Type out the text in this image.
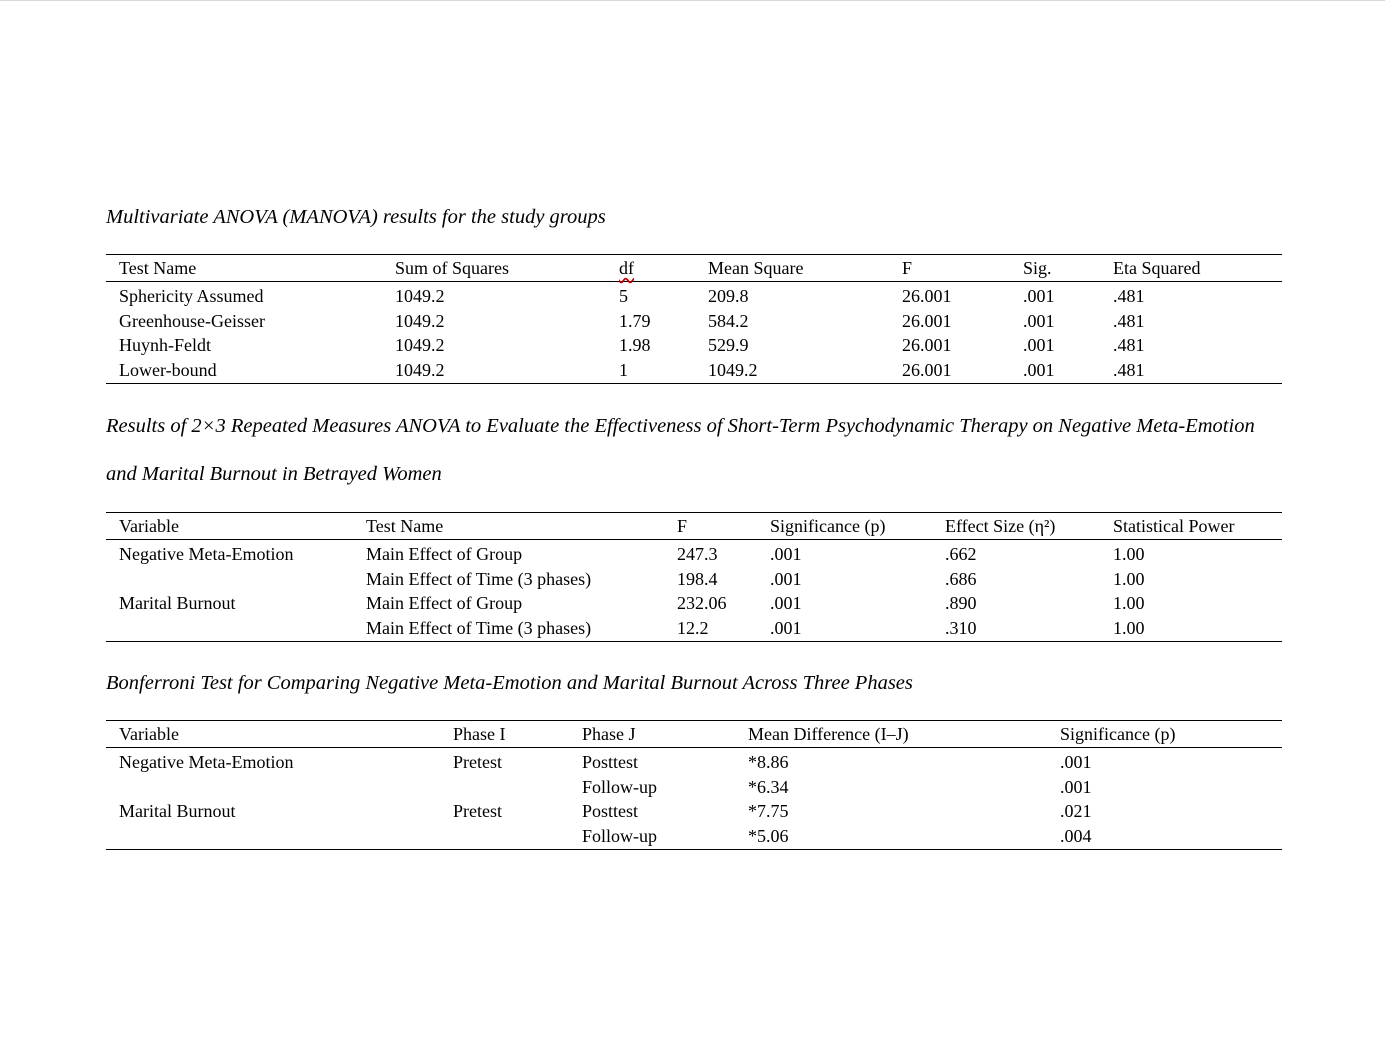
Multivariate ANOVA (MANOVA) results for the study groups

Test Name	Sum of Squares	df	Mean Square	F	Sig.	Eta Squared
Sphericity Assumed	1049.2	5	209.8	26.001	.001	.481
Greenhouse-Geisser	1049.2	1.79	584.2	26.001	.001	.481
Huynh-Feldt	1049.2	1.98	529.9	26.001	.001	.481
Lower-bound	1049.2	1	1049.2	26.001	.001	.481

Results of 2×3 Repeated Measures ANOVA to Evaluate the Effectiveness of Short-Term Psychodynamic Therapy on Negative Meta-Emotion

and Marital Burnout in Betrayed Women

Variable	Test Name	F	Significance (p)	Effect Size (η²)	Statistical Power
Negative Meta-Emotion	Main Effect of Group	247.3	.001	.662	1.00
	Main Effect of Time (3 phases)	198.4	.001	.686	1.00
Marital Burnout	Main Effect of Group	232.06	.001	.890	1.00
	Main Effect of Time (3 phases)	12.2	.001	.310	1.00

Bonferroni Test for Comparing Negative Meta-Emotion and Marital Burnout Across Three Phases

Variable	Phase I	Phase J	Mean Difference (I–J)	Significance (p)
Negative Meta-Emotion	Pretest	Posttest	*8.86	.001
		Follow-up	*6.34	.001
Marital Burnout	Pretest	Posttest	*7.75	.021
		Follow-up	*5.06	.004
